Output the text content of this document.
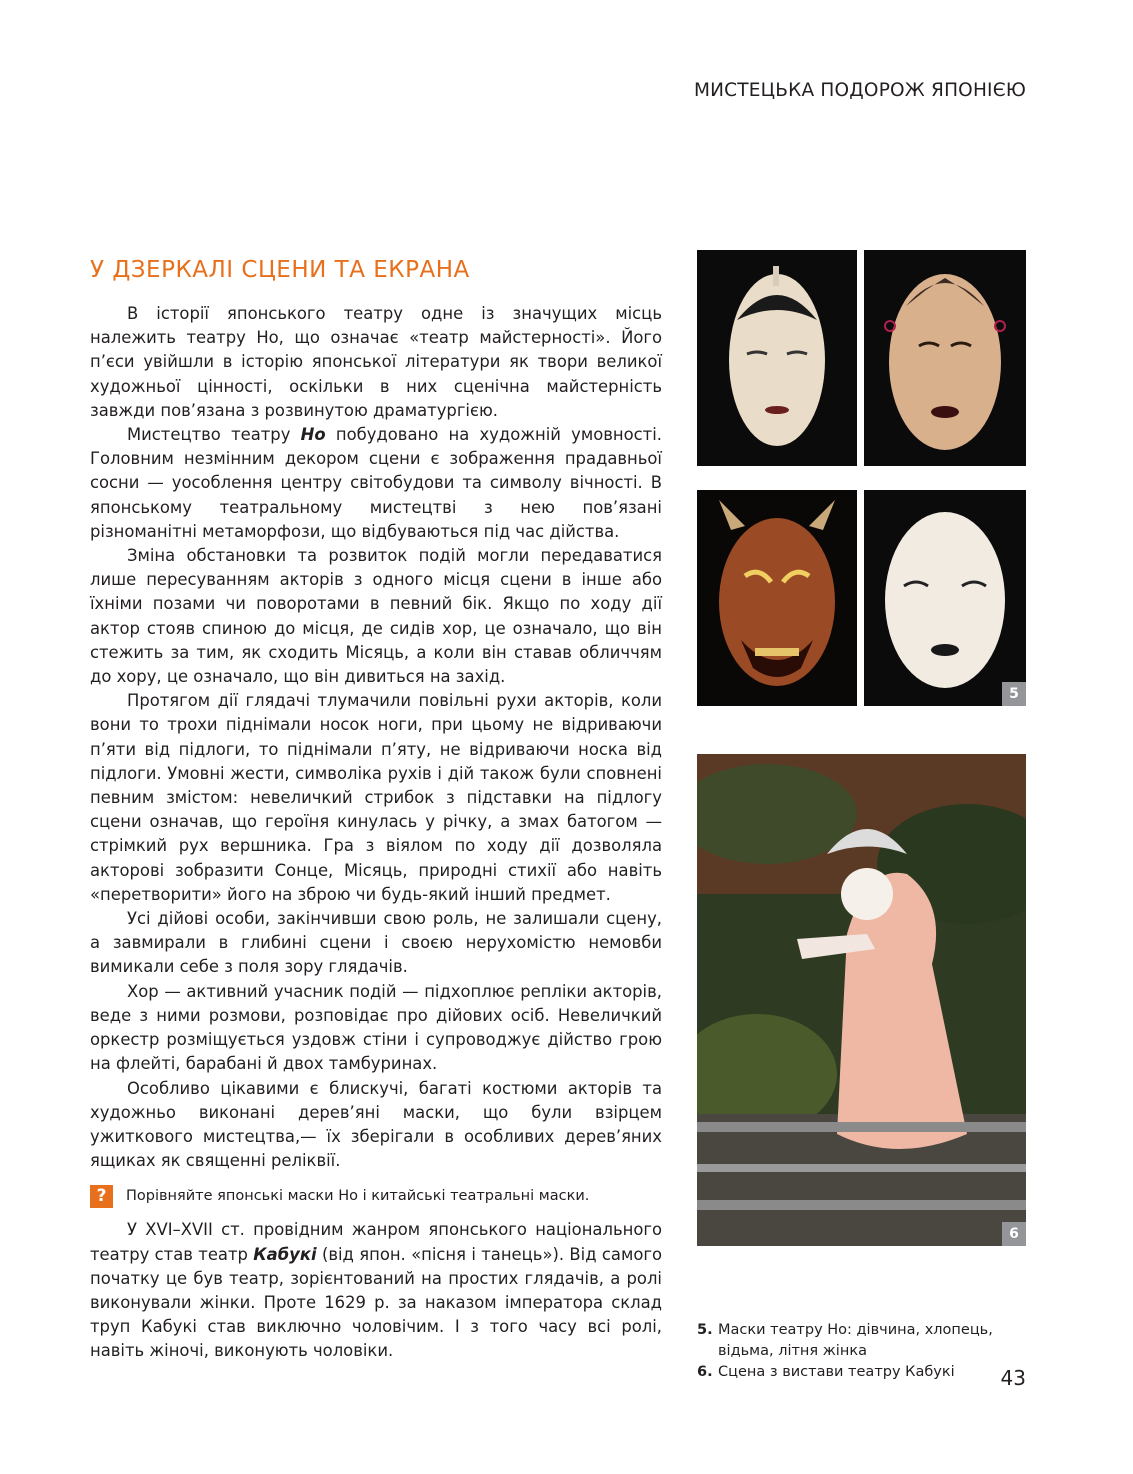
МИСТЕЦЬКА ПОДОРОЖ ЯПОНІЄЮ
У ДЗЕРКАЛІ СЦЕНИ ТА ЕКРАНА

В історії японського театру одне із значущих місць належить театру Но, що означає «театр майстерності». Його п’єси увійшли в історію японської літератури як твори великої художньої цінності, оскільки в них сценічна майстерність завжди пов’язана з розвинутою драматургією.

Мистецтво театру Но побудовано на художній умовності. Головним незмінним декором сцени є зображення прадавньої сосни — уособлення центру світобудови та символу вічності. В японському театральному мистецтві з нею пов’язані різноманітні метаморфози, що відбуваються під час дійства.

Зміна обстановки та розвиток подій могли передаватися лише пересуванням акторів з одного місця сцени в інше або їхніми позами чи поворотами в певний бік. Якщо по ходу дії актор стояв спиною до місця, де сидів хор, це означало, що він стежить за тим, як сходить Місяць, а коли він ставав обличчям до хору, це означало, що він дивиться на захід.

Протягом дії глядачі тлумачили повільні рухи акторів, коли вони то трохи піднімали носок ноги, при цьому не відриваючи п’яти від підлоги, то піднімали п’яту, не відриваючи носка від підлоги. Умовні жести, символіка рухів і дій також були сповнені певним змістом: невеличкий стрибок з підставки на підлогу сцени означав, що героїня кинулась у річку, а змах батогом — стрімкий рух вершника. Гра з віялом по ходу дії дозволяла акторові зобразити Сонце, Місяць, природні стихії або навіть «перетворити» його на зброю чи будь-який інший предмет.

Усі дійові особи, закінчивши свою роль, не залишали сцену, а завмирали в глибині сцени і своєю нерухомістю немовби вимикали себе з поля зору глядачів.

Хор — активний учасник подій — підхоплює репліки акторів, веде з ними розмови, розповідає про дійових осіб. Невеличкий оркестр розміщується уздовж стіни і супроводжує дійство грою на флейті, барабані й двох тамбуринах.

Особливо цікавими є блискучі, багаті костюми акторів та художньо виконані дерев’яні маски, що були взірцем ужиткового мистецтва,— їх зберігали в особливих дерев’яних ящиках як священні реліквії.

?	Порівняйте японські маски Но і китайські театральні маски.

У XVI–XVII ст. провідним жанром японського національного театру став театр Кабукі (від япон. «пісня і танець»). Від самого початку це був театр, зорієнтований на простих глядачів, а ролі виконували жінки. Проте 1629 р. за наказом імператора склад труп Кабукі став виключно чоловічим. І з того часу всі ролі, навіть жіночі, виконують чоловіки.

5
6
5. Маски театру Но: дівчина, хлопець, відьма, літня жінка
6. Сцена з вистави театру Кабукі 43
